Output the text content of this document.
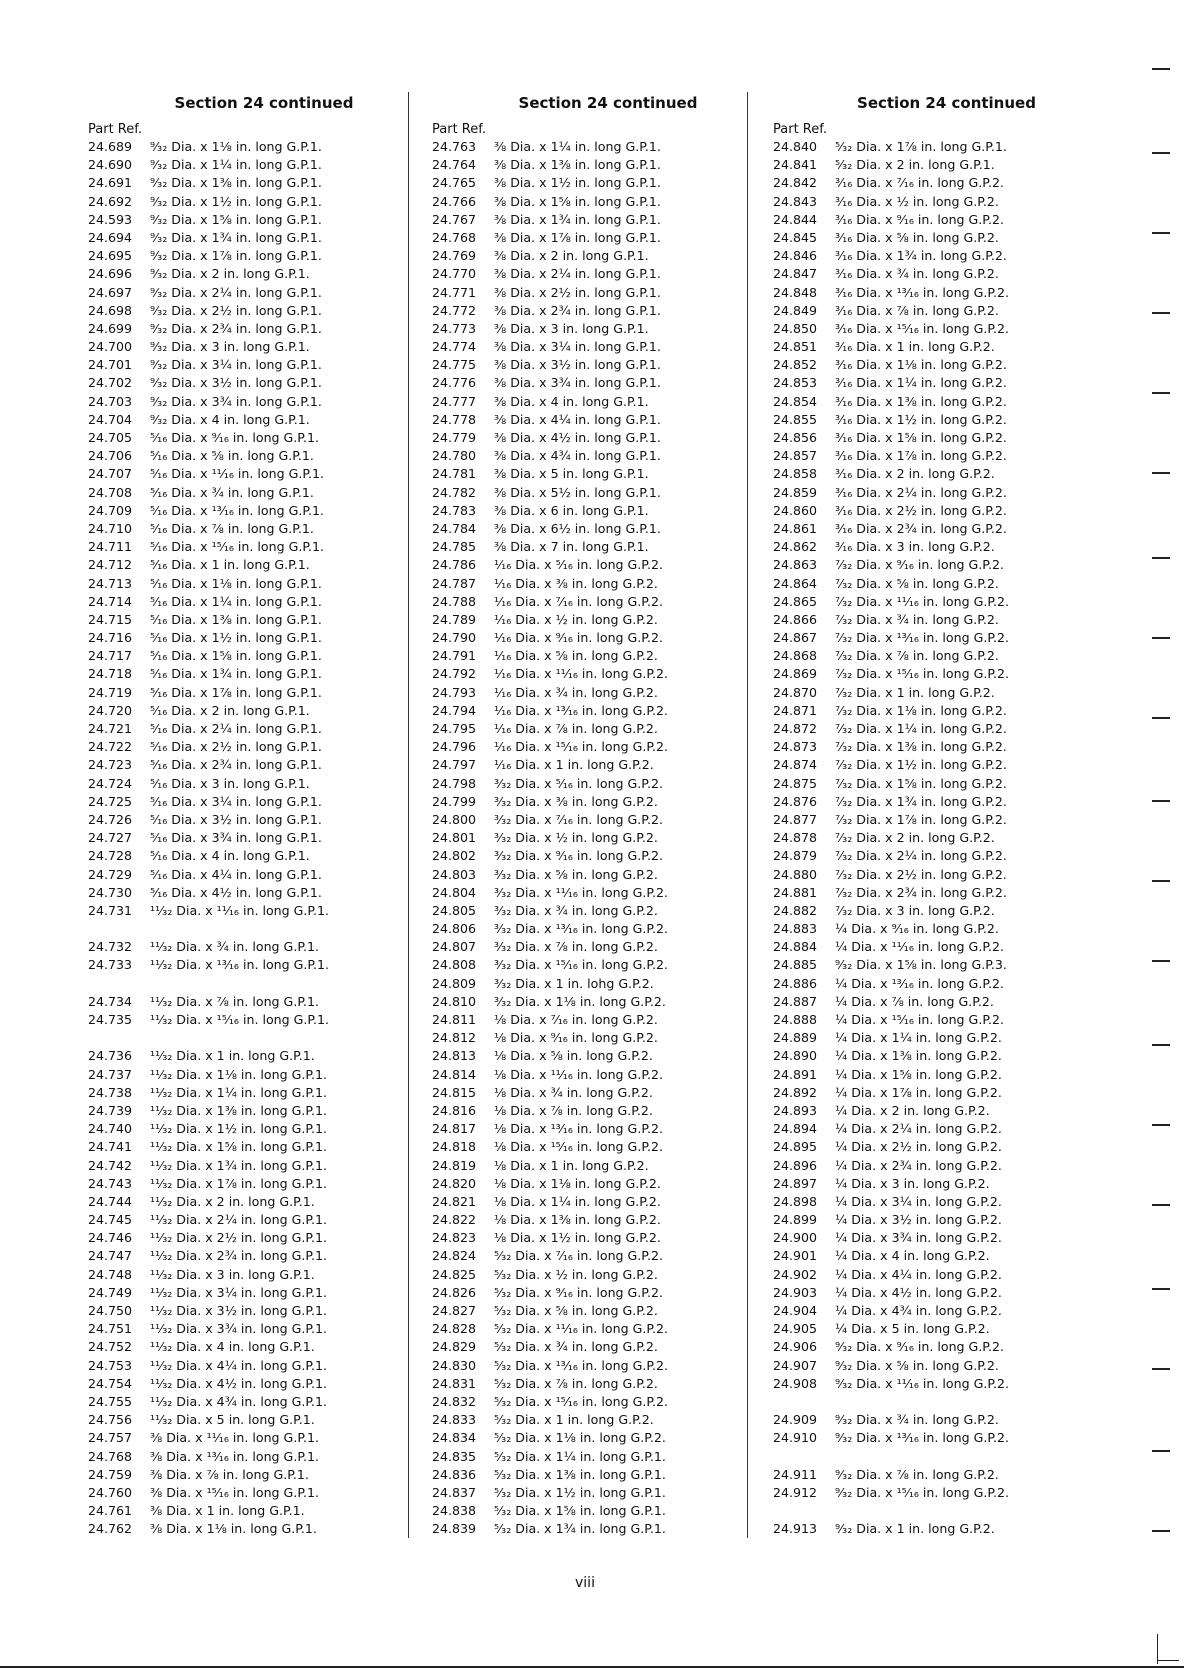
Section 24 continued
Part Ref.
24.689	⁹⁄₃₂ Dia. x 1⅛ in. long G.P.1.
24.690	⁹⁄₃₂ Dia. x 1¼ in. long G.P.1.
24.691	⁹⁄₃₂ Dia. x 1⅜ in. long G.P.1.
24.692	⁹⁄₃₂ Dia. x 1½ in. long G.P.1.
24.593	⁹⁄₃₂ Dia. x 1⅝ in. long G.P.1.
24.694	⁹⁄₃₂ Dia. x 1¾ in. long G.P.1.
24.695	⁹⁄₃₂ Dia. x 1⅞ in. long G.P.1.
24.696	⁹⁄₃₂ Dia. x 2 in. long G.P.1.
24.697	⁹⁄₃₂ Dia. x 2¼ in. long G.P.1.
24.698	⁹⁄₃₂ Dia. x 2½ in. long G.P.1.
24.699	⁹⁄₃₂ Dia. x 2¾ in. long G.P.1.
24.700	⁹⁄₃₂ Dia. x 3 in. long G.P.1.
24.701	⁹⁄₃₂ Dia. x 3¼ in. long G.P.1.
24.702	⁹⁄₃₂ Dia. x 3½ in. long G.P.1.
24.703	⁹⁄₃₂ Dia. x 3¾ in. long G.P.1.
24.704	⁹⁄₃₂ Dia. x 4 in. long G.P.1.
24.705	⁵⁄₁₆ Dia. x ⁹⁄₁₆ in. long G.P.1.
24.706	⁵⁄₁₆ Dia. x ⅝ in. long G.P.1.
24.707	⁵⁄₁₆ Dia. x ¹¹⁄₁₆ in. long G.P.1.
24.708	⁵⁄₁₆ Dia. x ¾ in. long G.P.1.
24.709	⁵⁄₁₆ Dia. x ¹³⁄₁₆ in. long G.P.1.
24.710	⁵⁄₁₆ Dia. x ⅞ in. long G.P.1.
24.711	⁵⁄₁₆ Dia. x ¹⁵⁄₁₆ in. long G.P.1.
24.712	⁵⁄₁₆ Dia. x 1 in. long G.P.1.
24.713	⁵⁄₁₆ Dia. x 1⅛ in. long G.P.1.
24.714	⁵⁄₁₆ Dia. x 1¼ in. long G.P.1.
24.715	⁵⁄₁₆ Dia. x 1⅜ in. long G.P.1.
24.716	⁵⁄₁₆ Dia. x 1½ in. long G.P.1.
24.717	⁵⁄₁₆ Dia. x 1⅝ in. long G.P.1.
24.718	⁵⁄₁₆ Dia. x 1¾ in. long G.P.1.
24.719	⁵⁄₁₆ Dia. x 1⅞ in. long G.P.1.
24.720	⁵⁄₁₆ Dia. x 2 in. long G.P.1.
24.721	⁵⁄₁₆ Dia. x 2¼ in. long G.P.1.
24.722	⁵⁄₁₆ Dia. x 2½ in. long G.P.1.
24.723	⁵⁄₁₆ Dia. x 2¾ in. long G.P.1.
24.724	⁵⁄₁₆ Dia. x 3 in. long G.P.1.
24.725	⁵⁄₁₆ Dia. x 3¼ in. long G.P.1.
24.726	⁵⁄₁₆ Dia. x 3½ in. long G.P.1.
24.727	⁵⁄₁₆ Dia. x 3¾ in. long G.P.1.
24.728	⁵⁄₁₆ Dia. x 4 in. long G.P.1.
24.729	⁵⁄₁₆ Dia. x 4¼ in. long G.P.1.
24.730	⁵⁄₁₆ Dia. x 4½ in. long G.P.1.
24.731	¹¹⁄₃₂ Dia. x ¹¹⁄₁₆ in. long G.P.1.
24.732	¹¹⁄₃₂ Dia. x ¾ in. long G.P.1.
24.733	¹¹⁄₃₂ Dia. x ¹³⁄₁₆ in. long G.P.1.
24.734	¹¹⁄₃₂ Dia. x ⅞ in. long G.P.1.
24.735	¹¹⁄₃₂ Dia. x ¹⁵⁄₁₆ in. long G.P.1.
24.736	¹¹⁄₃₂ Dia. x 1 in. long G.P.1.
24.737	¹¹⁄₃₂ Dia. x 1⅛ in. long G.P.1.
24.738	¹¹⁄₃₂ Dia. x 1¼ in. long G.P.1.
24.739	¹¹⁄₃₂ Dia. x 1⅜ in. long G.P.1.
24.740	¹¹⁄₃₂ Dia. x 1½ in. long G.P.1.
24.741	¹¹⁄₃₂ Dia. x 1⅝ in. long G.P.1.
24.742	¹¹⁄₃₂ Dia. x 1¾ in. long G.P.1.
24.743	¹¹⁄₃₂ Dia. x 1⅞ in. long G.P.1.
24.744	¹¹⁄₃₂ Dia. x 2 in. long G.P.1.
24.745	¹¹⁄₃₂ Dia. x 2¼ in. long G.P.1.
24.746	¹¹⁄₃₂ Dia. x 2½ in. long G.P.1.
24.747	¹¹⁄₃₂ Dia. x 2¾ in. long G.P.1.
24.748	¹¹⁄₃₂ Dia. x 3 in. long G.P.1.
24.749	¹¹⁄₃₂ Dia. x 3¼ in. long G.P.1.
24.750	¹¹⁄₃₂ Dia. x 3½ in. long G.P.1.
24.751	¹¹⁄₃₂ Dia. x 3¾ in. long G.P.1.
24.752	¹¹⁄₃₂ Dia. x 4 in. long G.P.1.
24.753	¹¹⁄₃₂ Dia. x 4¼ in. long G.P.1.
24.754	¹¹⁄₃₂ Dia. x 4½ in. long G.P.1.
24.755	¹¹⁄₃₂ Dia. x 4¾ in. long G.P.1.
24.756	¹¹⁄₃₂ Dia. x 5 in. long G.P.1.
24.757	⅜ Dia. x ¹¹⁄₁₆ in. long G.P.1.
24.768	⅜ Dia. x ¹³⁄₁₆ in. long G.P.1.
24.759	⅜ Dia. x ⅞ in. long G.P.1.
24.760	⅜ Dia. x ¹⁵⁄₁₆ in. long G.P.1.
24.761	⅜ Dia. x 1 in. long G.P.1.
24.762	⅜ Dia. x 1⅛ in. long G.P.1.
Section 24 continued
Part Ref.
24.763	⅜ Dia. x 1¼ in. long G.P.1.
24.764	⅜ Dia. x 1⅜ in. long G.P.1.
24.765	⅜ Dia. x 1½ in. long G.P.1.
24.766	⅜ Dia. x 1⅝ in. long G.P.1.
24.767	⅜ Dia. x 1¾ in. long G.P.1.
24.768	⅜ Dia. x 1⅞ in. long G.P.1.
24.769	⅜ Dia. x 2 in. long G.P.1.
24.770	⅜ Dia. x 2¼ in. long G.P.1.
24.771	⅜ Dia. x 2½ in. long G.P.1.
24.772	⅜ Dia. x 2¾ in. long G.P.1.
24.773	⅜ Dia. x 3 in. long G.P.1.
24.774	⅜ Dia. x 3¼ in. long G.P.1.
24.775	⅜ Dia. x 3½ in. long G.P.1.
24.776	⅜ Dia. x 3¾ in. long G.P.1.
24.777	⅜ Dia. x 4 in. long G.P.1.
24.778	⅜ Dia. x 4¼ in. long G.P.1.
24.779	⅜ Dia. x 4½ in. long G.P.1.
24.780	⅜ Dia. x 4¾ in. long G.P.1.
24.781	⅜ Dia. x 5 in. long G.P.1.
24.782	⅜ Dia. x 5½ in. long G.P.1.
24.783	⅜ Dia. x 6 in. long G.P.1.
24.784	⅜ Dia. x 6½ in. long G.P.1.
24.785	⅜ Dia. x 7 in. long G.P.1.
24.786	¹⁄₁₆ Dia. x ⁵⁄₁₆ in. long G.P.2.
24.787	¹⁄₁₆ Dia. x ⅜ in. long G.P.2.
24.788	¹⁄₁₆ Dia. x ⁷⁄₁₆ in. long G.P.2.
24.789	¹⁄₁₆ Dia. x ½ in. long G.P.2.
24.790	¹⁄₁₆ Dia. x ⁹⁄₁₆ in. long G.P.2.
24.791	¹⁄₁₆ Dia. x ⅝ in. long G.P.2.
24.792	¹⁄₁₆ Dia. x ¹¹⁄₁₆ in. long G.P.2.
24.793	¹⁄₁₆ Dia. x ¾ in. long G.P.2.
24.794	¹⁄₁₆ Dia. x ¹³⁄₁₆ in. long G.P.2.
24.795	¹⁄₁₆ Dia. x ⅞ in. long G.P.2.
24.796	¹⁄₁₆ Dia. x ¹⁵⁄₁₆ in. long G.P.2.
24.797	¹⁄₁₆ Dia. x 1 in. long G.P.2.
24.798	³⁄₃₂ Dia. x ⁵⁄₁₆ in. long G.P.2.
24.799	³⁄₃₂ Dia. x ⅜ in. long G.P.2.
24.800	³⁄₃₂ Dia. x ⁷⁄₁₆ in. long G.P.2.
24.801	³⁄₃₂ Dia. x ½ in. long G.P.2.
24.802	³⁄₃₂ Dia. x ⁹⁄₁₆ in. long G.P.2.
24.803	³⁄₃₂ Dia. x ⅝ in. long G.P.2.
24.804	³⁄₃₂ Dia. x ¹¹⁄₁₆ in. long G.P.2.
24.805	³⁄₃₂ Dia. x ¾ in. long G.P.2.
24.806	³⁄₃₂ Dia. x ¹³⁄₁₆ in. long G.P.2.
24.807	³⁄₃₂ Dia. x ⅞ in. long G.P.2.
24.808	³⁄₃₂ Dia. x ¹⁵⁄₁₆ in. long G.P.2.
24.809	³⁄₃₂ Dia. x 1 in. lohg G.P.2.
24.810	³⁄₃₂ Dia. x 1⅛ in. long G.P.2.
24.811	⅛ Dia. x ⁷⁄₁₆ in. long G.P.2.
24.812	⅛ Dia. x ⁹⁄₁₆ in. long G.P.2.
24.813	⅛ Dia. x ⅝ in. long G.P.2.
24.814	⅛ Dia. x ¹¹⁄₁₆ in. long G.P.2.
24.815	⅛ Dia. x ¾ in. long G.P.2.
24.816	⅛ Dia. x ⅞ in. long G.P.2.
24.817	⅛ Dia. x ¹³⁄₁₆ in. long G.P.2.
24.818	⅛ Dia. x ¹⁵⁄₁₆ in. long G.P.2.
24.819	⅛ Dia. x 1 in. long G.P.2.
24.820	⅛ Dia. x 1⅛ in. long G.P.2.
24.821	⅛ Dia. x 1¼ in. long G.P.2.
24.822	⅛ Dia. x 1⅜ in. long G.P.2.
24.823	⅛ Dia. x 1½ in. long G.P.2.
24.824	⁵⁄₃₂ Dia. x ⁷⁄₁₆ in. long G.P.2.
24.825	⁵⁄₃₂ Dia. x ½ in. long G.P.2.
24.826	⁵⁄₃₂ Dia. x ⁹⁄₁₆ in. long G.P.2.
24.827	⁵⁄₃₂ Dia. x ⅝ in. long G.P.2.
24.828	⁵⁄₃₂ Dia. x ¹¹⁄₁₆ in. long G.P.2.
24.829	⁵⁄₃₂ Dia. x ¾ in. long G.P.2.
24.830	⁵⁄₃₂ Dia. x ¹³⁄₁₆ in. long G.P.2.
24.831	⁵⁄₃₂ Dia. x ⅞ in. long G.P.2.
24.832	⁵⁄₃₂ Dia. x ¹⁵⁄₁₆ in. long G.P.2.
24.833	⁵⁄₃₂ Dia. x 1 in. long G.P.2.
24.834	⁵⁄₃₂ Dia. x 1⅛ in. long G.P.2.
24.835	⁵⁄₃₂ Dia. x 1¼ in. long G.P.1.
24.836	⁵⁄₃₂ Dia. x 1⅜ in. long G.P.1.
24.837	⁵⁄₃₂ Dia. x 1½ in. long G.P.1.
24.838	⁵⁄₃₂ Dia. x 1⅝ in. long G.P.1.
24.839	⁵⁄₃₂ Dia. x 1¾ in. long G.P.1.
Section 24 continued
Part Ref.
24.840	⁵⁄₃₂ Dia. x 1⅞ in. long G.P.1.
24.841	⁵⁄₃₂ Dia. x 2 in. long G.P.1.
24.842	³⁄₁₆ Dia. x ⁷⁄₁₆ in. long G.P.2.
24.843	³⁄₁₆ Dia. x ½ in. long G.P.2.
24.844	³⁄₁₆ Dia. x ⁹⁄₁₆ in. long G.P.2.
24.845	³⁄₁₆ Dia. x ⅝ in. long G.P.2.
24.846	³⁄₁₆ Dia. x 1¾ in. long G.P.2.
24.847	³⁄₁₆ Dia. x ¾ in. long G.P.2.
24.848	³⁄₁₆ Dia. x ¹³⁄₁₆ in. long G.P.2.
24.849	³⁄₁₆ Dia. x ⅞ in. long G.P.2.
24.850	³⁄₁₆ Dia. x ¹⁵⁄₁₆ in. long G.P.2.
24.851	³⁄₁₆ Dia. x 1 in. long G.P.2.
24.852	³⁄₁₆ Dia. x 1⅛ in. long G.P.2.
24.853	³⁄₁₆ Dia. x 1¼ in. long G.P.2.
24.854	³⁄₁₆ Dia. x 1⅜ in. long G.P.2.
24.855	³⁄₁₆ Dia. x 1½ in. long G.P.2.
24.856	³⁄₁₆ Dia. x 1⅝ in. long G.P.2.
24.857	³⁄₁₆ Dia. x 1⅞ in. long G.P.2.
24.858	³⁄₁₆ Dia. x 2 in. long G.P.2.
24.859	³⁄₁₆ Dia. x 2¼ in. long G.P.2.
24.860	³⁄₁₆ Dia. x 2½ in. long G.P.2.
24.861	³⁄₁₆ Dia. x 2¾ in. long G.P.2.
24.862	³⁄₁₆ Dia. x 3 in. long G.P.2.
24.863	⁷⁄₃₂ Dia. x ⁹⁄₁₆ in. long G.P.2.
24.864	⁷⁄₃₂ Dia. x ⅝ in. long G.P.2.
24.865	⁷⁄₃₂ Dia. x ¹¹⁄₁₆ in. long G.P.2.
24.866	⁷⁄₃₂ Dia. x ¾ in. long G.P.2.
24.867	⁷⁄₃₂ Dia. x ¹³⁄₁₆ in. long G.P.2.
24.868	⁷⁄₃₂ Dia. x ⅞ in. long G.P.2.
24.869	⁷⁄₃₂ Dia. x ¹⁵⁄₁₆ in. long G.P.2.
24.870	⁷⁄₃₂ Dia. x 1 in. long G.P.2.
24.871	⁷⁄₃₂ Dia. x 1⅛ in. long G.P.2.
24.872	⁷⁄₃₂ Dia. x 1¼ in. long G.P.2.
24.873	⁷⁄₃₂ Dia. x 1⅜ in. long G.P.2.
24.874	⁷⁄₃₂ Dia. x 1½ in. long G.P.2.
24.875	⁷⁄₃₂ Dia. x 1⅝ in. long G.P.2.
24.876	⁷⁄₃₂ Dia. x 1¾ in. long G.P.2.
24.877	⁷⁄₃₂ Dia. x 1⅞ in. long G.P.2.
24.878	⁷⁄₃₂ Dia. x 2 in. long G.P.2.
24.879	⁷⁄₃₂ Dia. x 2¼ in. long G.P.2.
24.880	⁷⁄₃₂ Dia. x 2½ in. long G.P.2.
24.881	⁷⁄₃₂ Dia. x 2¾ in. long G.P.2.
24.882	⁷⁄₃₂ Dia. x 3 in. long G.P.2.
24.883	¼ Dia. x ⁹⁄₁₆ in. long G.P.2.
24.884	¼ Dia. x ¹¹⁄₁₆ in. long G.P.2.
24.885	⁹⁄₃₂ Dia. x 1⅝ in. long G.P.3.
24.886	¼ Dia. x ¹³⁄₁₆ in. long G.P.2.
24.887	¼ Dia. x ⅞ in. long G.P.2.
24.888	¼ Dia. x ¹⁵⁄₁₆ in. long G.P.2.
24.889	¼ Dia. x 1¼ in. long G.P.2.
24.890	¼ Dia. x 1⅜ in. long G.P.2.
24.891	¼ Dia. x 1⅝ in. long G.P.2.
24.892	¼ Dia. x 1⅞ in. long G.P.2.
24.893	¼ Dia. x 2 in. long G.P.2.
24.894	¼ Dia. x 2¼ in. long G.P.2.
24.895	¼ Dia. x 2½ in. long G.P.2.
24.896	¼ Dia. x 2¾ in. long G.P.2.
24.897	¼ Dia. x 3 in. long G.P.2.
24.898	¼ Dia. x 3¼ in. long G.P.2.
24.899	¼ Dia. x 3½ in. long G.P.2.
24.900	¼ Dia. x 3¾ in. long G.P.2.
24.901	¼ Dia. x 4 in. long G.P.2.
24.902	¼ Dia. x 4¼ in. long G.P.2.
24.903	¼ Dia. x 4½ in. long G.P.2.
24.904	¼ Dia. x 4¾ in. long G.P.2.
24.905	¼ Dia. x 5 in. long G.P.2.
24.906	⁹⁄₃₂ Dia. x ⁹⁄₁₆ in. long G.P.2.
24.907	⁹⁄₃₂ Dia. x ⅝ in. long G.P.2.
24.908	⁹⁄₃₂ Dia. x ¹¹⁄₁₆ in. long G.P.2.
24.909	⁹⁄₃₂ Dia. x ¾ in. long G.P.2.
24.910	⁹⁄₃₂ Dia. x ¹³⁄₁₆ in. long G.P.2.
24.911	⁹⁄₃₂ Dia. x ⅞ in. long G.P.2.
24.912	⁹⁄₃₂ Dia. x ¹⁵⁄₁₆ in. long G.P.2.
24.913	⁹⁄₃₂ Dia. x 1 in. long G.P.2.
viii
